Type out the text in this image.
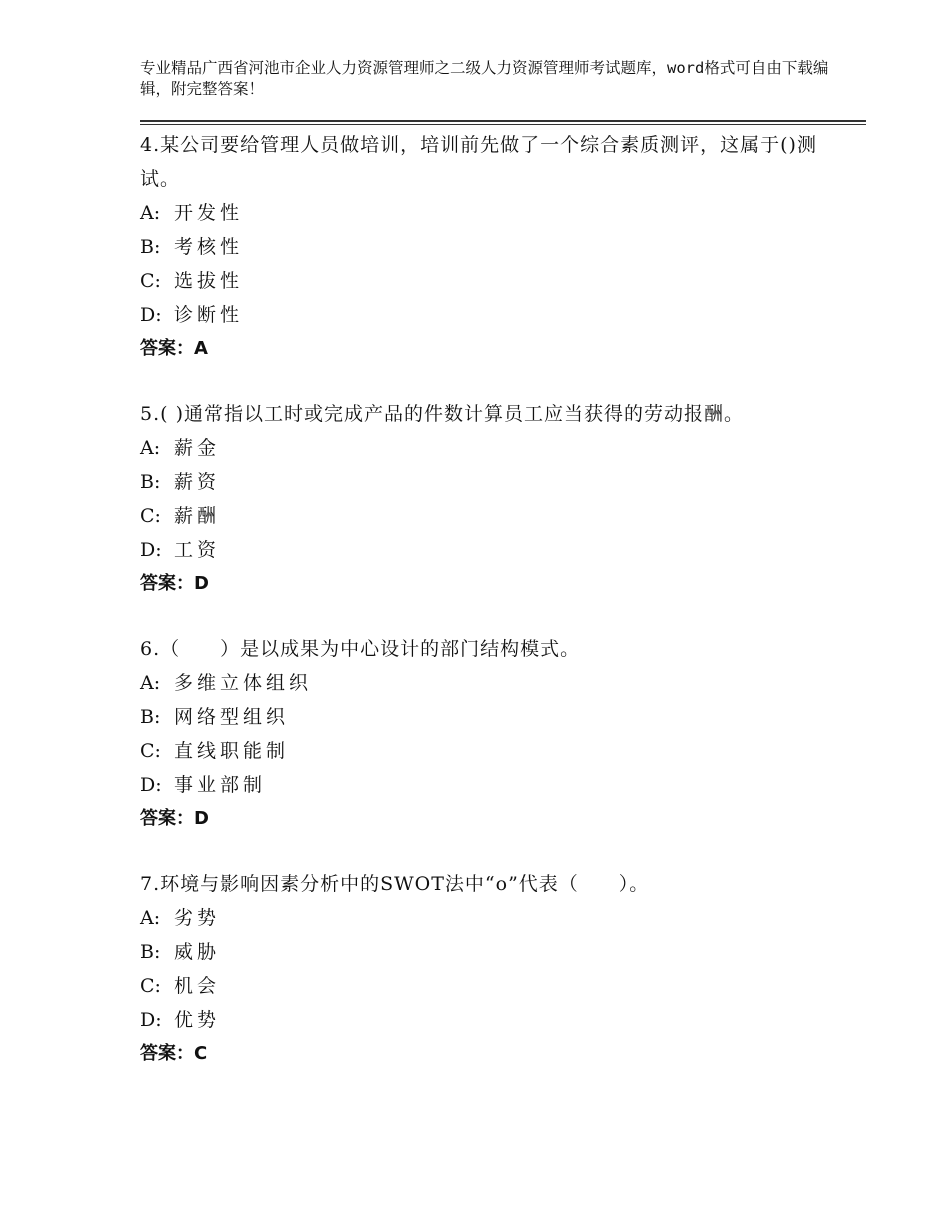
专业精品广西省河池市企业人力资源管理师之二级人力资源管理师考试题库，word格式可自由下载编辑，附完整答案！
4.某公司要给管理人员做培训，培训前先做了一个综合素质测评，这属于()测试。
A: 开发性
B: 考核性
C: 选拔性
D: 诊断性
答案：A
5.( )通常指以工时或完成产品的件数计算员工应当获得的劳动报酬。
A: 薪金
B: 薪资
C: 薪酬
D: 工资
答案：D
6.（　　）是以成果为中心设计的部门结构模式。
A: 多维立体组织
B: 网络型组织
C: 直线职能制
D: 事业部制
答案：D
7.环境与影响因素分析中的SWOT法中“o”代表（　　）。
A: 劣势
B: 威胁
C: 机会
D: 优势
答案：C
